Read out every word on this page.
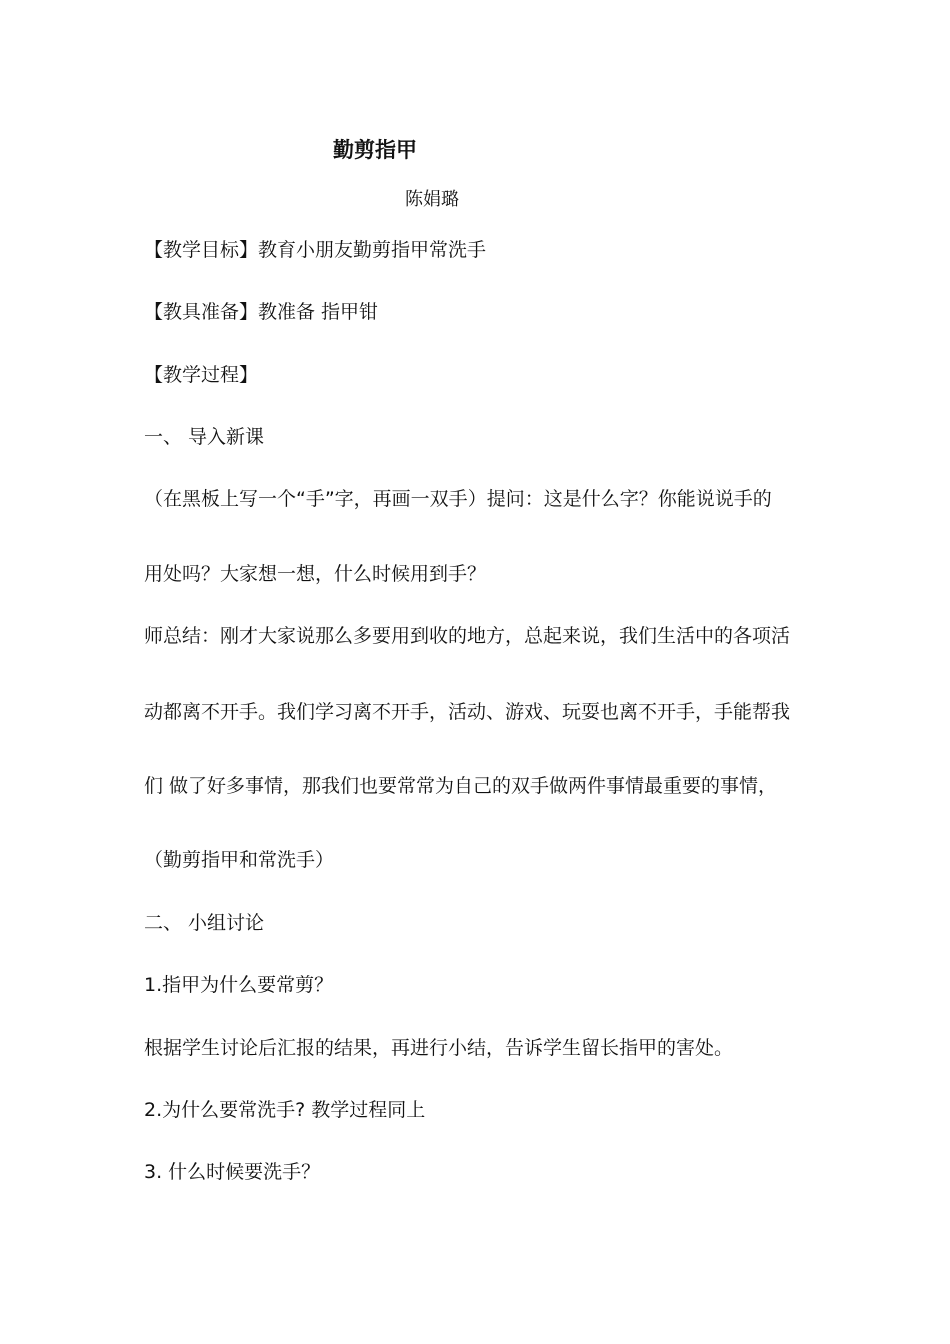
勤剪指甲
陈娟璐
【教学目标】教育小朋友勤剪指甲常洗手
【教具准备】教准备 指甲钳
【教学过程】
一、 导入新课
（在黑板上写一个“手”字，再画一双手）提问：这是什么字？你能说说手的
用处吗？大家想一想，什么时候用到手？
师总结：刚才大家说那么多要用到收的地方，总起来说，我们生活中的各项活
动都离不开手。我们学习离不开手，活动、游戏、玩耍也离不开手，手能帮我
们 做了好多事情，那我们也要常常为自己的双手做两件事情最重要的事情，
（勤剪指甲和常洗手）
二、 小组讨论
1.指甲为什么要常剪？
根据学生讨论后汇报的结果，再进行小结，告诉学生留长指甲的害处。
2.为什么要常洗手? 教学过程同上
3. 什么时候要洗手？
